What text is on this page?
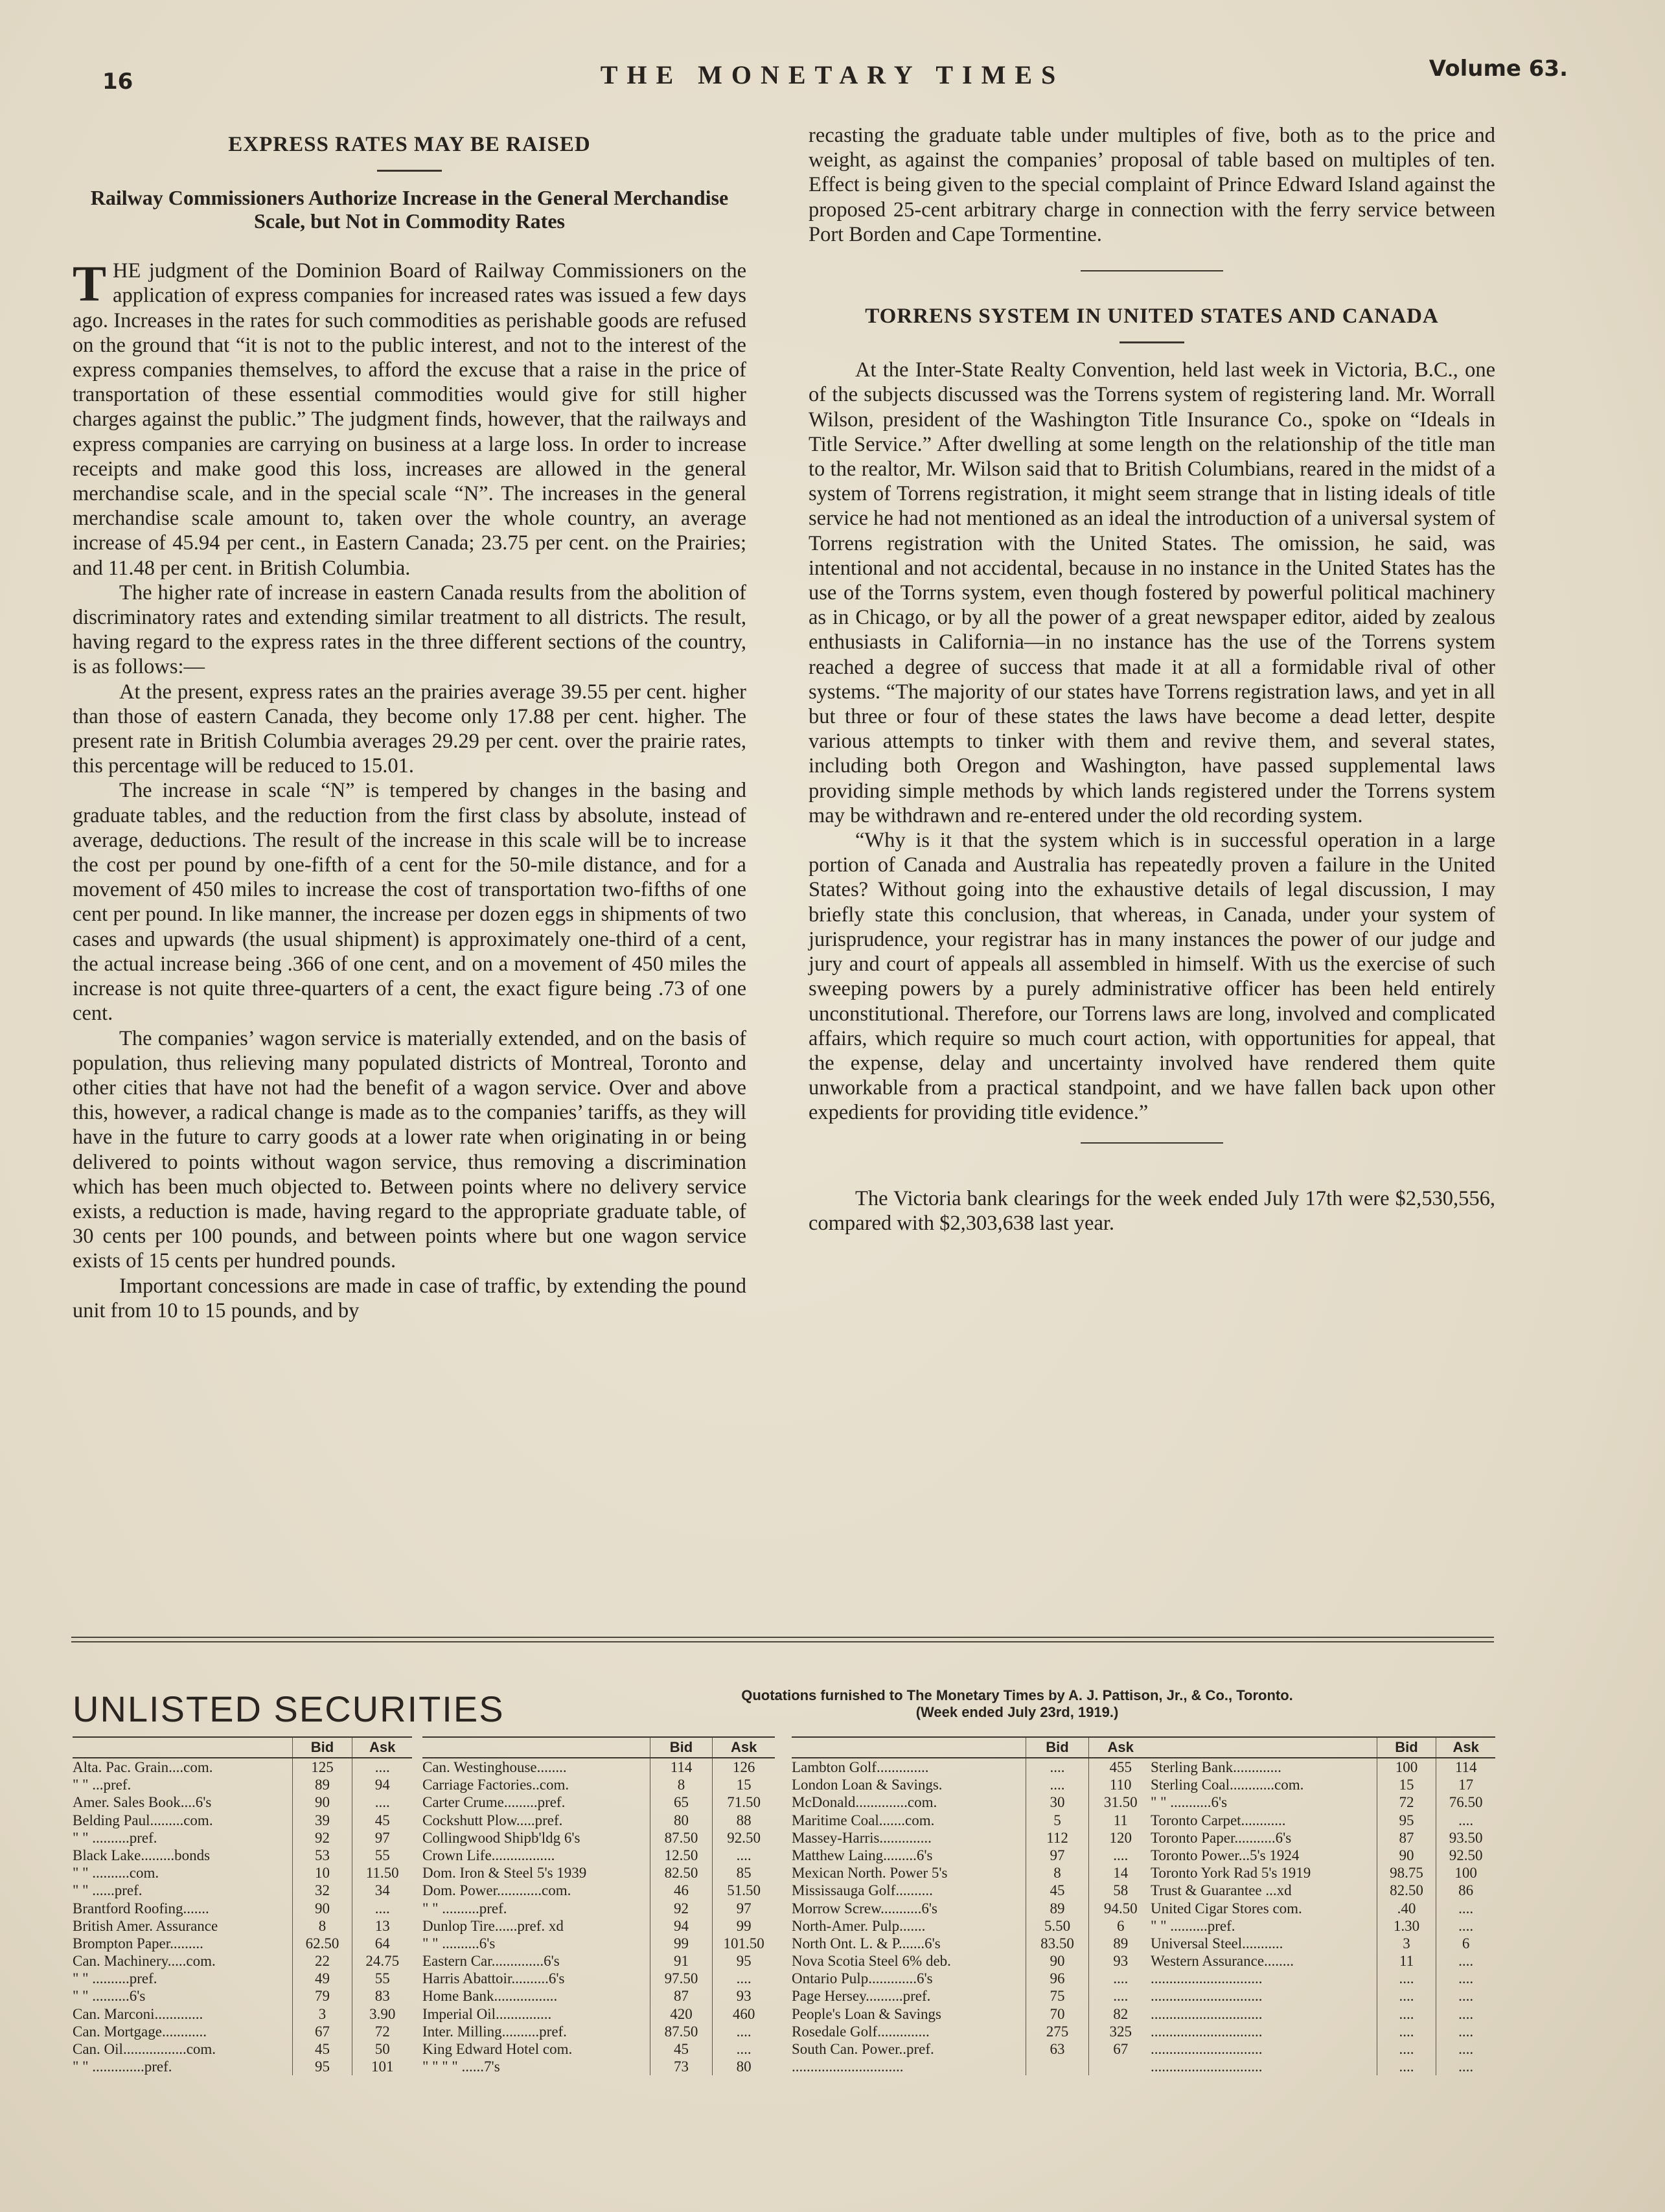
16	THE MONETARY TIMES	Volume 63.
EXPRESS RATES MAY BE RAISED
Railway Commissioners Authorize Increase in the General Merchandise Scale, but Not in Commodity Rates

THE judgment of the Dominion Board of Railway Commissioners on the application of express companies for increased rates was issued a few days ago. Increases in the rates for such commodities as perishable goods are refused on the ground that “it is not to the public interest, and not to the interest of the express companies themselves, to afford the excuse that a raise in the price of transportation of these essential commodities would give for still higher charges against the public.” The judgment finds, however, that the railways and express companies are carrying on business at a large loss. In order to increase receipts and make good this loss, increases are allowed in the general merchandise scale, and in the special scale “N”. The increases in the general merchandise scale amount to, taken over the whole country, an average increase of 45.94 per cent., in Eastern Canada; 23.75 per cent. on the Prairies; and 11.48 per cent. in British Columbia.

The higher rate of increase in eastern Canada results from the abolition of discriminatory rates and extending similar treatment to all districts. The result, having regard to the express rates in the three different sections of the country, is as follows:—

At the present, express rates an the prairies average 39.55 per cent. higher than those of eastern Canada, they become only 17.88 per cent. higher. The present rate in British Columbia averages 29.29 per cent. over the prairie rates, this percentage will be reduced to 15.01.

The increase in scale “N” is tempered by changes in the basing and graduate tables, and the reduction from the first class by absolute, instead of average, deductions. The result of the increase in this scale will be to increase the cost per pound by one-fifth of a cent for the 50-mile distance, and for a movement of 450 miles to increase the cost of transportation two-fifths of one cent per pound. In like manner, the increase per dozen eggs in shipments of two cases and upwards (the usual shipment) is approximately one-third of a cent, the actual increase being .366 of one cent, and on a movement of 450 miles the increase is not quite three-quarters of a cent, the exact figure being .73 of one cent.

The companies’ wagon service is materially extended, and on the basis of population, thus relieving many populated districts of Montreal, Toronto and other cities that have not had the benefit of a wagon service. Over and above this, however, a radical change is made as to the companies’ tariffs, as they will have in the future to carry goods at a lower rate when originating in or being delivered to points without wagon service, thus removing a discrimination which has been much objected to. Between points where no delivery service exists, a reduction is made, having regard to the appropriate graduate table, of 30 cents per 100 pounds, and between points where but one wagon service exists of 15 cents per hundred pounds.

Important concessions are made in case of traffic, by extending the pound unit from 10 to 15 pounds, and by

recasting the graduate table under multiples of five, both as to the price and weight, as against the companies’ proposal of table based on multiples of ten. Effect is being given to the special complaint of Prince Edward Island against the proposed 25-cent arbitrary charge in connection with the ferry service between Port Borden and Cape Tormentine.

TORRENS SYSTEM IN UNITED STATES AND CANADA

At the Inter-State Realty Convention, held last week in Victoria, B.C., one of the subjects discussed was the Torrens system of registering land. Mr. Worrall Wilson, president of the Washington Title Insurance Co., spoke on “Ideals in Title Service.” After dwelling at some length on the relationship of the title man to the realtor, Mr. Wilson said that to British Columbians, reared in the midst of a system of Torrens registration, it might seem strange that in listing ideals of title service he had not mentioned as an ideal the introduction of a universal system of Torrens registration with the United States. The omission, he said, was intentional and not accidental, because in no instance in the United States has the use of the Torrns system, even though fostered by powerful political machinery as in Chicago, or by all the power of a great newspaper editor, aided by zealous enthusiasts in California—in no instance has the use of the Torrens system reached a degree of success that made it at all a formidable rival of other systems. “The majority of our states have Torrens registration laws, and yet in all but three or four of these states the laws have become a dead letter, despite various attempts to tinker with them and revive them, and several states, including both Oregon and Washington, have passed supplemental laws providing simple methods by which lands registered under the Torrens system may be withdrawn and re-entered under the old recording system.

“Why is it that the system which is in successful operation in a large portion of Canada and Australia has repeatedly proven a failure in the United States? Without going into the exhaustive details of legal discussion, I may briefly state this conclusion, that whereas, in Canada, under your system of jurisprudence, your registrar has in many instances the power of our judge and jury and court of appeals all assembled in himself. With us the exercise of such sweeping powers by a purely administrative officer has been held entirely unconstitutional. Therefore, our Torrens laws are long, involved and complicated affairs, which require so much court action, with opportunities for appeal, that the expense, delay and uncertainty involved have rendered them quite unworkable from a practical standpoint, and we have fallen back upon other expedients for providing title evidence.”

The Victoria bank clearings for the week ended July 17th were $2,530,556, compared with $2,303,638 last year.

UNLISTED SECURITIES	Quotations furnished to The Monetary Times by A. J. Pattison, Jr., & Co., Toronto.
(Week ended July 23rd, 1919.)
Bid	Ask
Alta. Pac. Grain....com.	125	....
" " ...pref.	89	94
Amer. Sales Book....6's	90	....
Belding Paul.........com.	39	45
" " ..........pref.	92	97
Black Lake.........bonds	53	55
" " ..........com.	10	11.50
" " ......pref.	32	34
Brantford Roofing.......	90	....
British Amer. Assurance	8	13
Brompton Paper.........	62.50	64
Can. Machinery.....com.	22	24.75
" " ..........pref.	49	55
" " ..........6's	79	83
Can. Marconi.............	3	3.90
Can. Mortgage............	67	72
Can. Oil.................com.	45	50
" " ..............pref.	95	101
Bid	Ask
Can. Westinghouse........	114	126
Carriage Factories..com.	8	15
Carter Crume.........pref.	65	71.50
Cockshutt Plow.....pref.	80	88
Collingwood Shipb'ldg 6's	87.50	92.50
Crown Life.................	12.50	....
Dom. Iron & Steel 5's 1939	82.50	85
Dom. Power............com.	46	51.50
" " ..........pref.	92	97
Dunlop Tire......pref. xd	94	99
" " ..........6's	99	101.50
Eastern Car..............6's	91	95
Harris Abattoir..........6's	97.50	....
Home Bank.................	87	93
Imperial Oil...............	420	460
Inter. Milling..........pref.	87.50	....
King Edward Hotel com.	45	....
" " " " ......7's	73	80
Bid	Ask
Lambton Golf..............	....	455
London Loan & Savings.	....	110
McDonald..............com.	30	31.50
Maritime Coal.......com.	5	11
Massey-Harris..............	112	120
Matthew Laing.........6's	97	....
Mexican North. Power 5's	8	14
Mississauga Golf..........	45	58
Morrow Screw...........6's	89	94.50
North-Amer. Pulp.......	5.50	6
North Ont. L. & P.......6's	83.50	89
Nova Scotia Steel 6% deb.	90	93
Ontario Pulp.............6's	96	....
Page Hersey..........pref.	75	....
People's Loan & Savings	70	82
Rosedale Golf..............	275	325
South Can. Power..pref.	63	67
..............................
Bid	Ask
Sterling Bank.............	100	114
Sterling Coal............com.	15	17
" " ...........6's	72	76.50
Toronto Carpet............	95	....
Toronto Paper...........6's	87	93.50
Toronto Power...5's 1924	90	92.50
Toronto York Rad 5's 1919	98.75	100
Trust & Guarantee ...xd	82.50	86
United Cigar Stores com.	.40	....
" " ..........pref.	1.30	....
Universal Steel...........	3	6
Western Assurance........	11	....
..............................	....	....
..............................	....	....
..............................	....	....
..............................	....	....
..............................	....	....
..............................	....	....
